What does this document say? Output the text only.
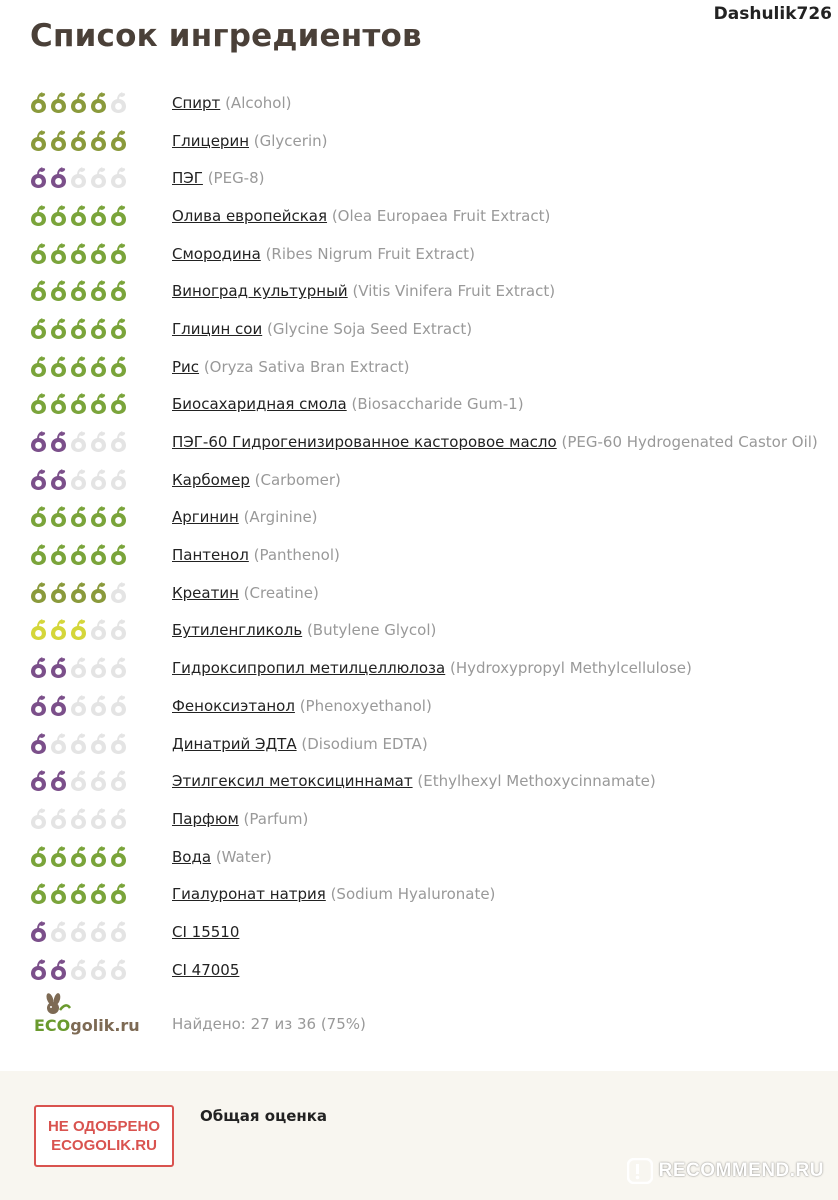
Dashulik726
Список ингредиентов
Спирт (Alcohol)
Глицерин (Glycerin)
ПЭГ (PEG-8)
Олива европейская (Olea Europaea Fruit Extract)
Смородина (Ribes Nigrum Fruit Extract)
Виноград культурный (Vitis Vinifera Fruit Extract)
Глицин сои (Glycine Soja Seed Extract)
Рис (Oryza Sativa Bran Extract)
Биосахаридная смола (Biosaccharide Gum-1)
ПЭГ-60 Гидрогенизированное касторовое масло (PEG-60 Hydrogenated Castor Oil)
Карбомер (Carbomer)
Аргинин (Arginine)
Пантенол (Panthenol)
Креатин (Creatine)
Бутиленгликоль (Butylene Glycol)
Гидроксипропил метилцеллюлоза (Hydroxypropyl Methylcellulose)
Феноксиэтанол (Phenoxyethanol)
Динатрий ЭДТА (Disodium EDTA)
Этилгексил метоксициннамат (Ethylhexyl Methoxycinnamate)
Парфюм (Parfum)
Вода (Water)
Гиалуронат натрия (Sodium Hyaluronate)
CI 15510
CI 47005
ECOgolik.ru Найдено: 27 из 36 (75%)
НЕ ОДОБРЕНО
ECOGOLIK.RU
Общая оценка
RECOMMEND.RU
